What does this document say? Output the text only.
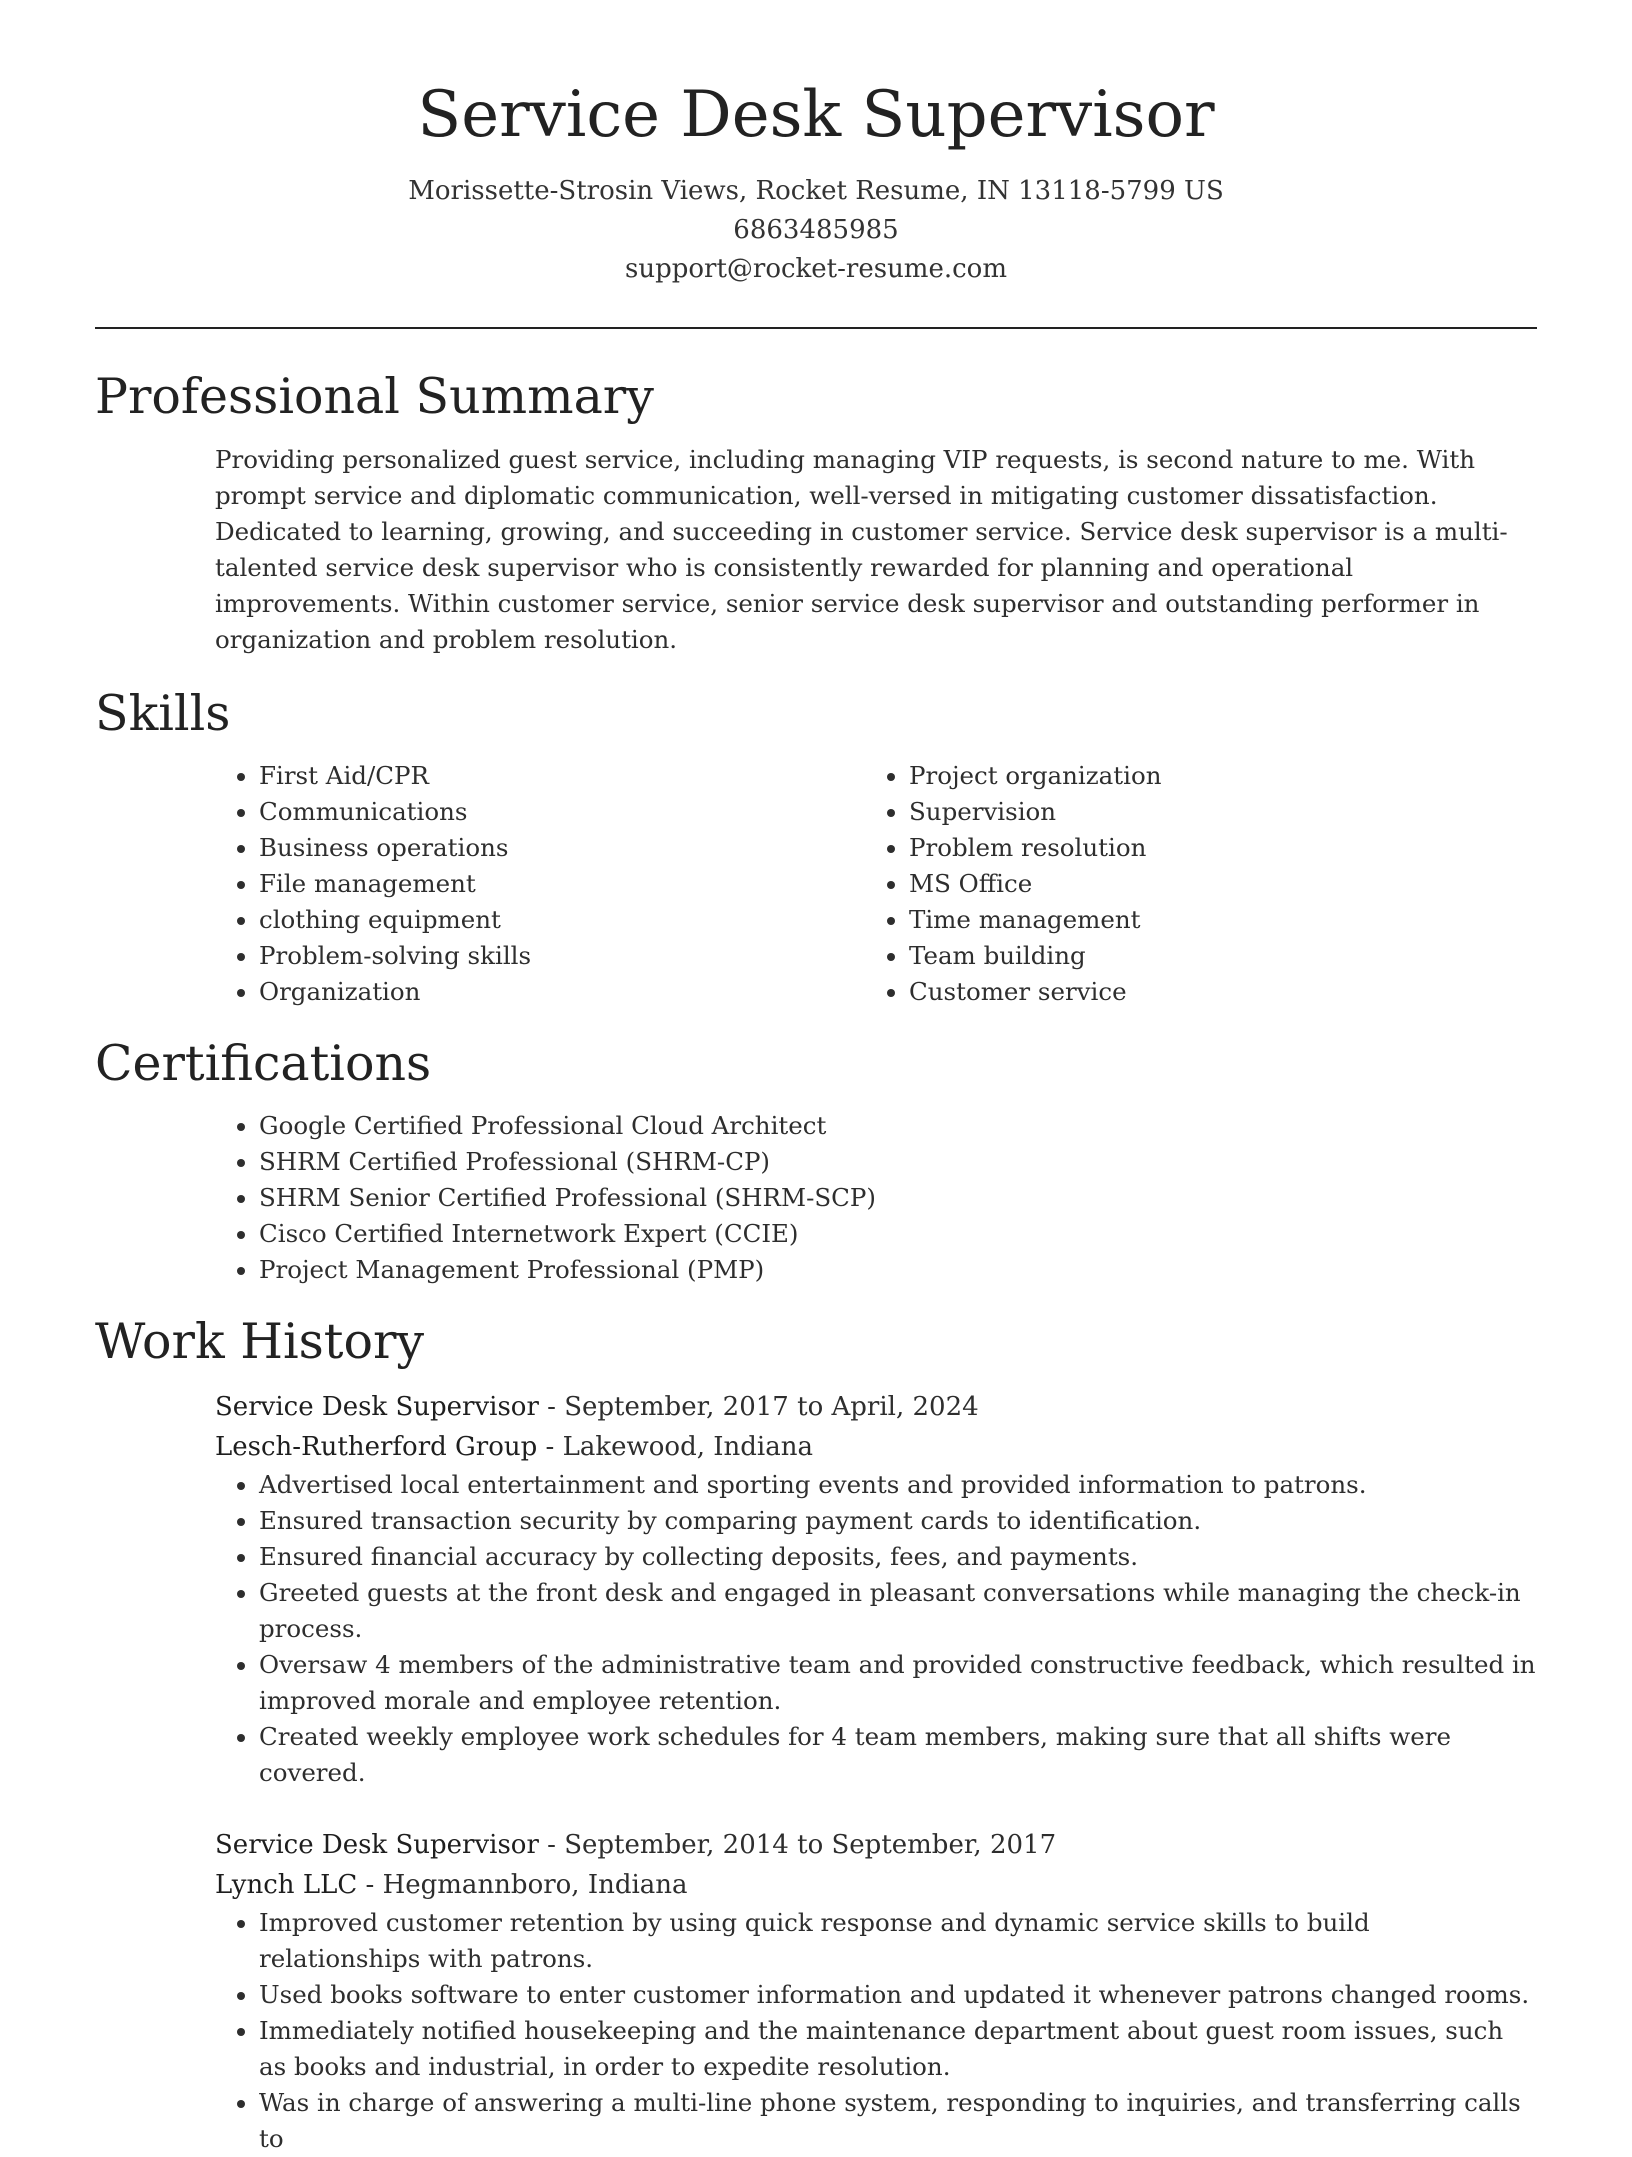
Service Desk Supervisor
Morissette-Strosin Views, Rocket Resume, IN 13118-5799 US
6863485985
support@rocket-resume.com
Professional Summary

Providing personalized guest service, including managing VIP requests, is second nature to me. With prompt service and diplomatic communication, well-versed in mitigating customer dissatisfaction. Dedicated to learning, growing, and succeeding in customer service. Service desk supervisor is a multi-talented service desk supervisor who is consistently rewarded for planning and operational improvements. Within customer service, senior service desk supervisor and outstanding performer in organization and problem resolution.

Skills
• First Aid/CPR
• Communications
• Business operations
• File management
• clothing equipment
• Problem-solving skills
• Organization
• Project organization
• Supervision
• Problem resolution
• MS Office
• Time management
• Team building
• Customer service
Certifications
• Google Certified Professional Cloud Architect
• SHRM Certified Professional (SHRM-CP)
• SHRM Senior Certified Professional (SHRM-SCP)
• Cisco Certified Internetwork Expert (CCIE)
• Project Management Professional (PMP)
Work History
Service Desk Supervisor - September, 2017 to April, 2024
Lesch-Rutherford Group - Lakewood, Indiana
• Advertised local entertainment and sporting events and provided information to patrons.
• Ensured transaction security by comparing payment cards to identification.
• Ensured financial accuracy by collecting deposits, fees, and payments.
• Greeted guests at the front desk and engaged in pleasant conversations while managing the check-in process.
• Oversaw 4 members of the administrative team and provided constructive feedback, which resulted in improved morale and employee retention.
• Created weekly employee work schedules for 4 team members, making sure that all shifts were covered.
Service Desk Supervisor - September, 2014 to September, 2017
Lynch LLC - Hegmannboro, Indiana
• Improved customer retention by using quick response and dynamic service skills to build relationships with patrons.
• Used books software to enter customer information and updated it whenever patrons changed rooms.
• Immediately notified housekeeping and the maintenance department about guest room issues, such as books and industrial, in order to expedite resolution.
• Was in charge of answering a multi-line phone system, responding to inquiries, and transferring calls to
